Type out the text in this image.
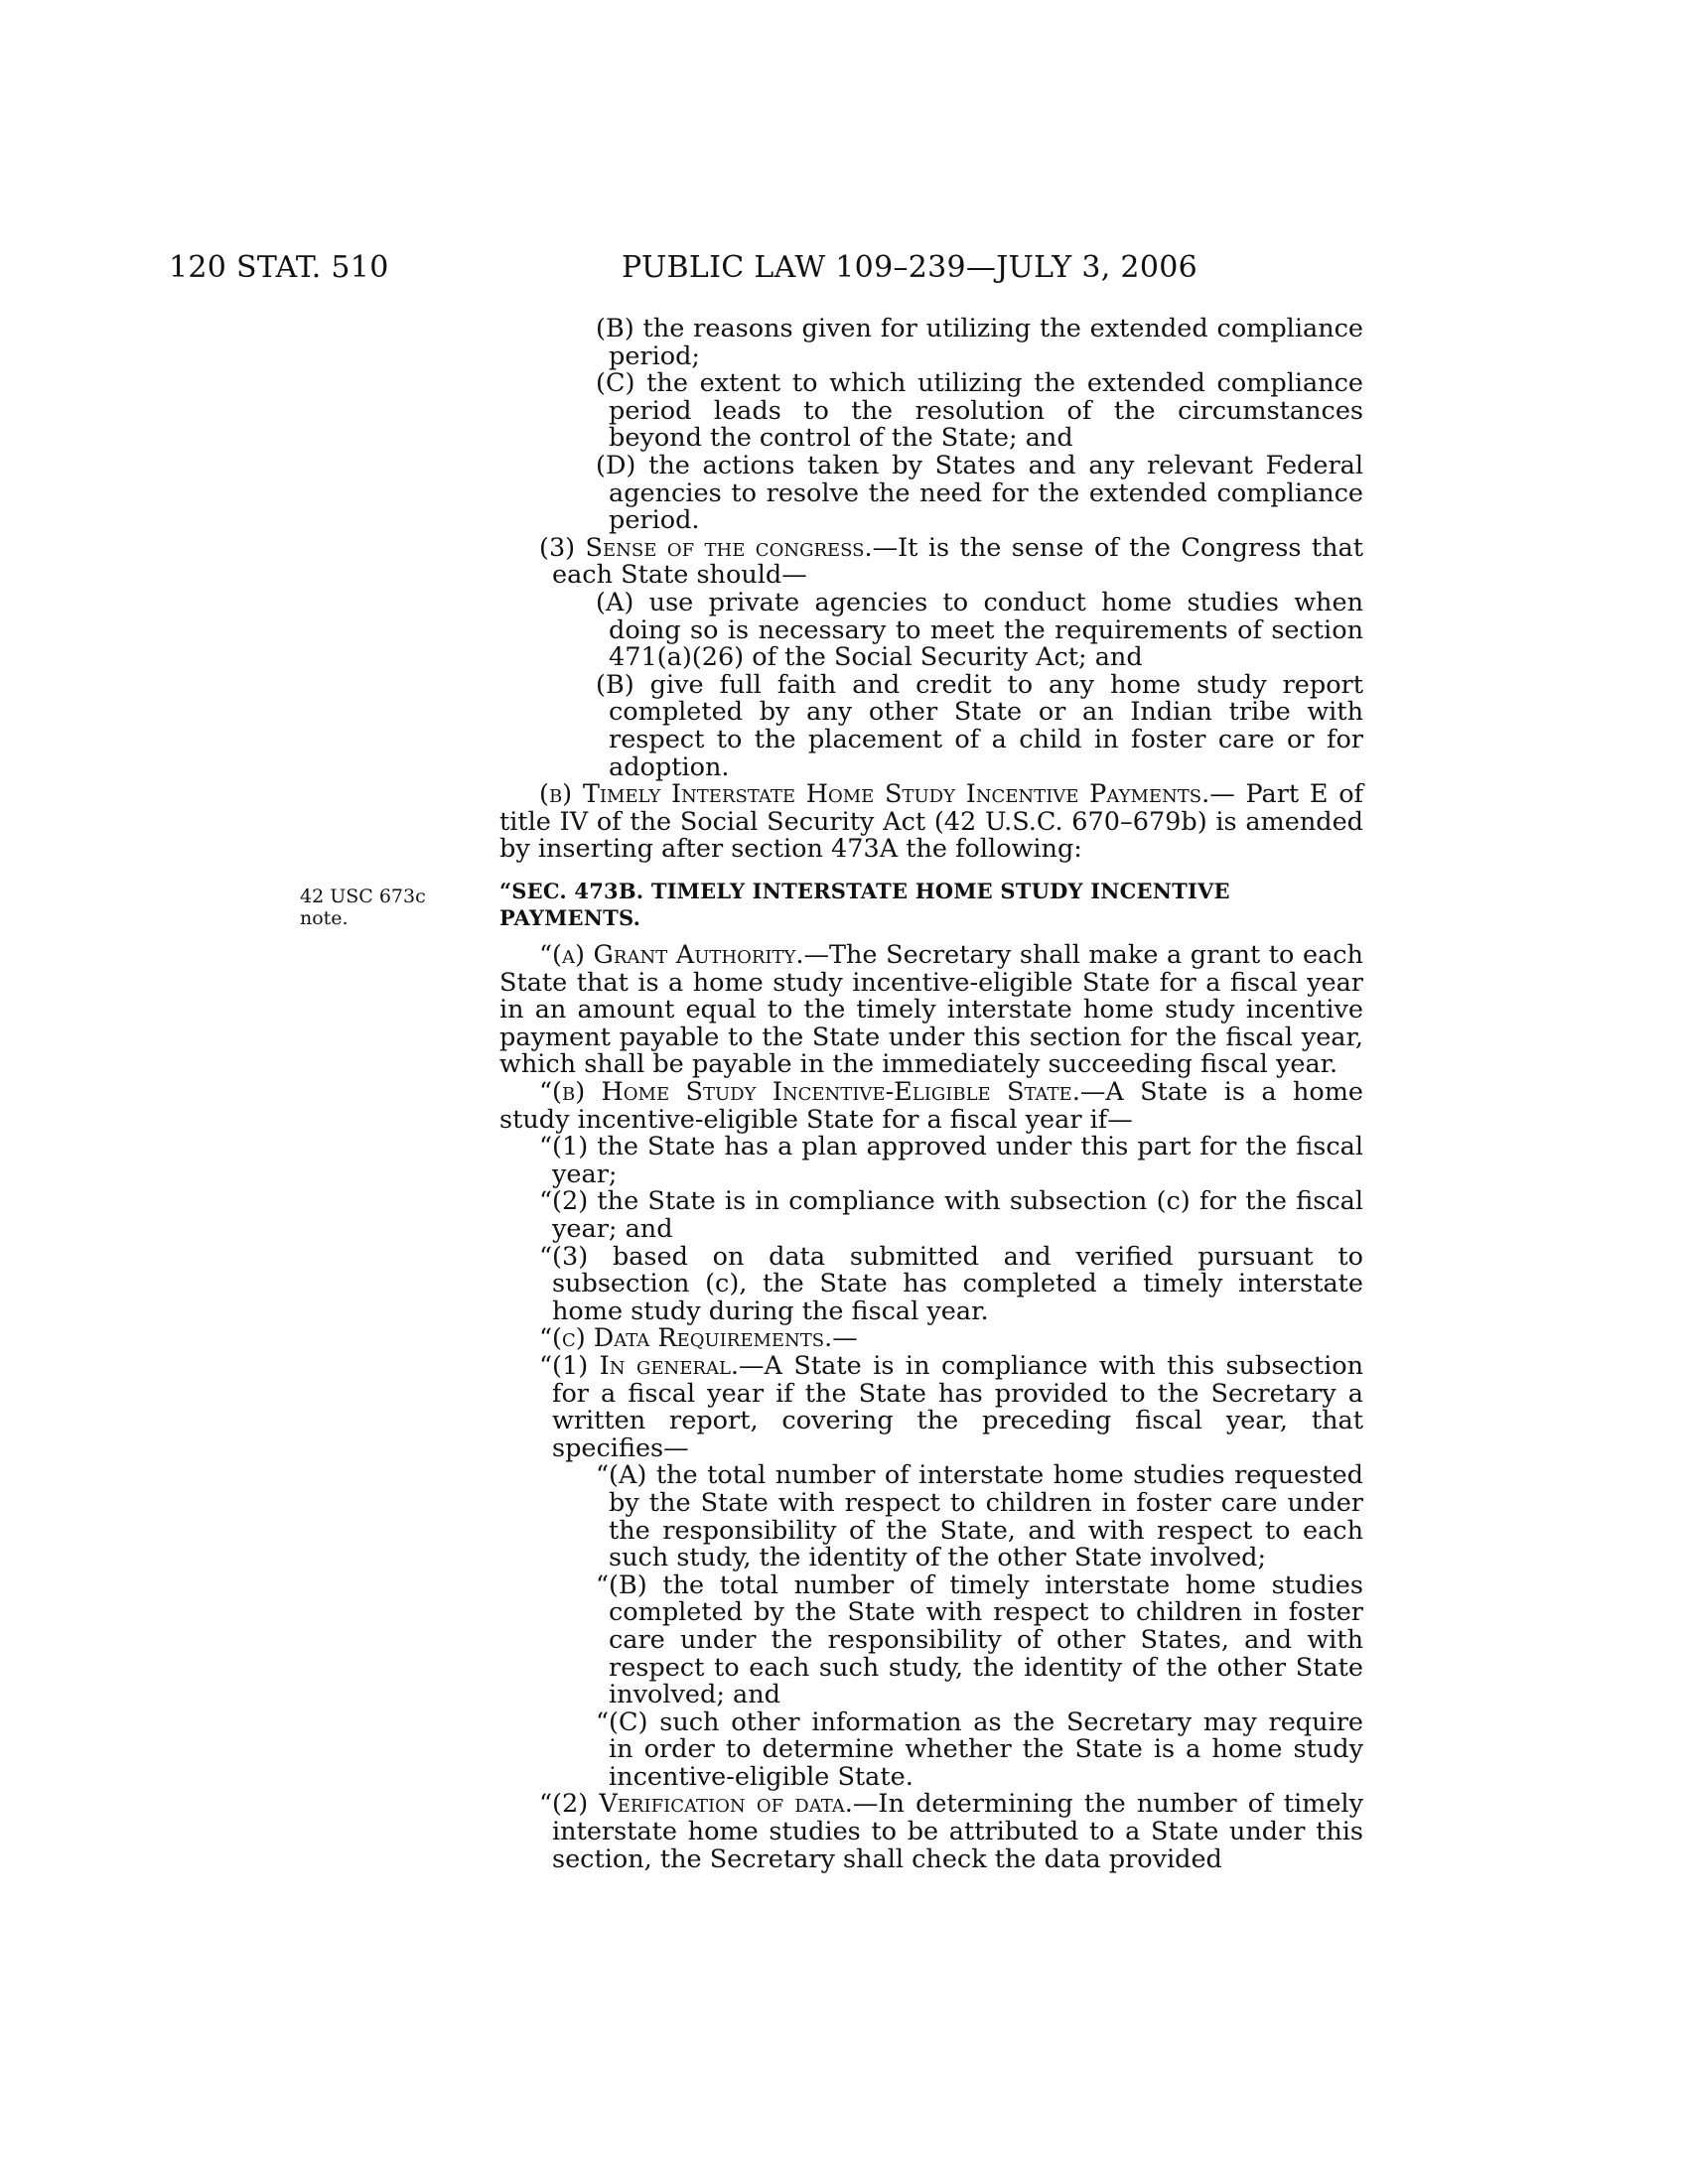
120 STAT. 510	PUBLIC LAW 109–239—JULY 3, 2006
42 USC 673c
note.

(B) the reasons given for utilizing the extended compliance period;

(C) the extent to which utilizing the extended compliance period leads to the resolution of the circumstances beyond the control of the State; and

(D) the actions taken by States and any relevant Federal agencies to resolve the need for the extended compliance period.

(3) Sense of the congress.—It is the sense of the Congress that each State should—

(A) use private agencies to conduct home studies when doing so is necessary to meet the requirements of section 471(a)(26) of the Social Security Act; and

(B) give full faith and credit to any home study report completed by any other State or an Indian tribe with respect to the placement of a child in foster care or for adoption.

(b) Timely Interstate Home Study Incentive Payments.— Part E of title IV of the Social Security Act (42 U.S.C. 670–679b) is amended by inserting after section 473A the following:

“SEC. 473B. TIMELY INTERSTATE HOME STUDY INCENTIVE PAYMENTS.

“(a) Grant Authority.—The Secretary shall make a grant to each State that is a home study incentive-eligible State for a fiscal year in an amount equal to the timely interstate home study incentive payment payable to the State under this section for the fiscal year, which shall be payable in the immediately succeeding fiscal year.

“(b) Home Study Incentive-Eligible State.—A State is a home study incentive-eligible State for a fiscal year if—

“(1) the State has a plan approved under this part for the fiscal year;

“(2) the State is in compliance with subsection (c) for the fiscal year; and

“(3) based on data submitted and verified pursuant to subsection (c), the State has completed a timely interstate home study during the fiscal year.

“(c) Data Requirements.—

“(1) In general.—A State is in compliance with this subsection for a fiscal year if the State has provided to the Secretary a written report, covering the preceding fiscal year, that specifies—

“(A) the total number of interstate home studies requested by the State with respect to children in foster care under the responsibility of the State, and with respect to each such study, the identity of the other State involved;

“(B) the total number of timely interstate home studies completed by the State with respect to children in foster care under the responsibility of other States, and with respect to each such study, the identity of the other State involved; and

“(C) such other information as the Secretary may require in order to determine whether the State is a home study incentive-eligible State.

“(2) Verification of data.—In determining the number of timely interstate home studies to be attributed to a State under this section, the Secretary shall check the data provided
